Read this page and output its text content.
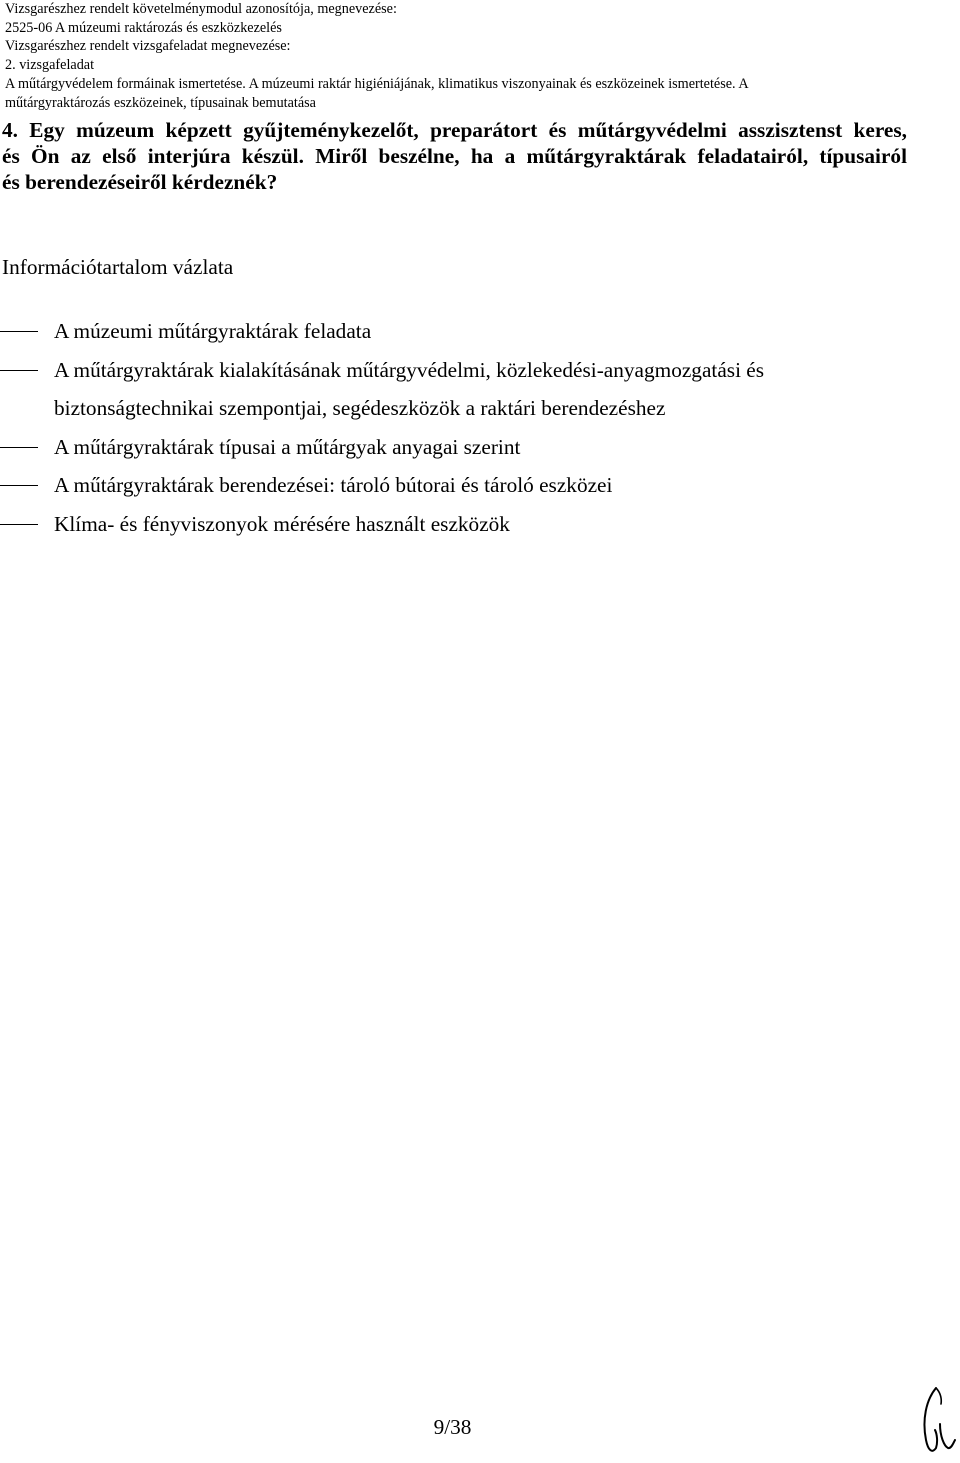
Vizsgarészhez rendelt követelménymodul azonosítója, megnevezése:
2525-06 A múzeumi raktározás és eszközkezelés
Vizsgarészhez rendelt vizsgafeladat megnevezése:
2. vizsgafeladat
A műtárgyvédelem formáinak ismertetése. A múzeumi raktár higiéniájának, klimatikus viszonyainak és eszközeinek ismertetése. A
műtárgyraktározás eszközeinek, típusainak bemutatása
4. Egy múzeum képzett gyűjteménykezelőt, preparátort és műtárgyvédelmi asszisztenst keres,
és Ön az első interjúra készül. Miről beszélne, ha a műtárgyraktárak feladatairól, típusairól
és berendezéseiről kérdeznék?
Információtartalom vázlata
A múzeumi műtárgyraktárak feladata
A műtárgyraktárak kialakításának műtárgyvédelmi, közlekedési-anyagmozgatási és
biztonságtechnikai szempontjai, segédeszközök a raktári berendezéshez
A műtárgyraktárak típusai a műtárgyak anyagai szerint
A műtárgyraktárak berendezései: tároló bútorai és tároló eszközei
Klíma- és fényviszonyok mérésére használt eszközök
9/38
